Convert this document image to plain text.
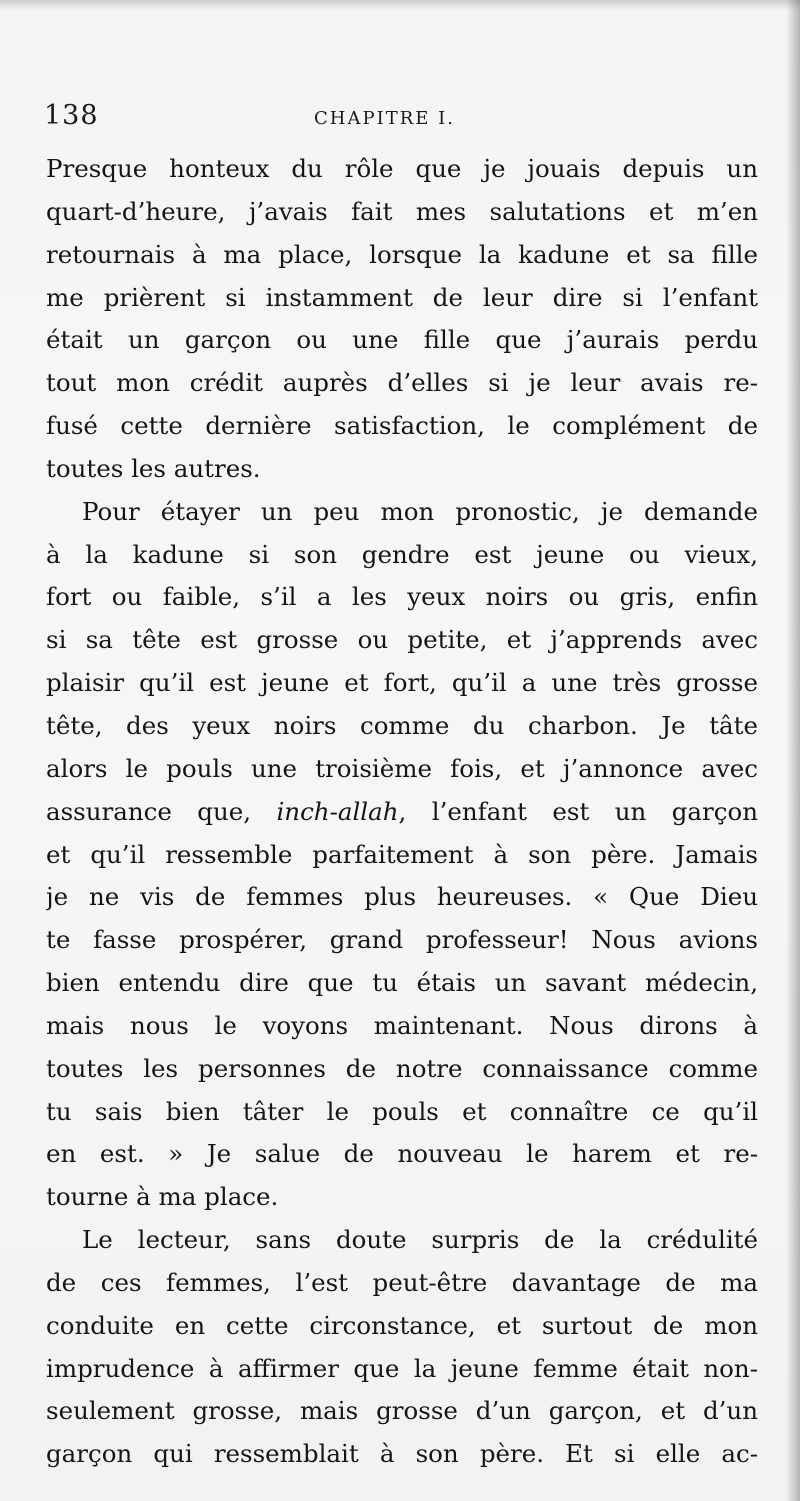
138	CHAPITRE I.
Presque honteux du rôle que je jouais depuis un
quart-d’heure, j’avais fait mes salutations et m’en
retournais à ma place, lorsque la kadune et sa fille
me prièrent si instamment de leur dire si l’enfant
était un garçon ou une fille que j’aurais perdu
tout mon crédit auprès d’elles si je leur avais re-
fusé cette dernière satisfaction, le complément de
toutes les autres.
Pour étayer un peu mon pronostic, je demande
à la kadune si son gendre est jeune ou vieux,
fort ou faible, s’il a les yeux noirs ou gris, enfin
si sa tête est grosse ou petite, et j’apprends avec
plaisir qu’il est jeune et fort, qu’il a une très grosse
tête, des yeux noirs comme du charbon. Je tâte
alors le pouls une troisième fois, et j’annonce avec
assurance que, inch-allah, l’enfant est un garçon
et qu’il ressemble parfaitement à son père. Jamais
je ne vis de femmes plus heureuses. « Que Dieu
te fasse prospérer, grand professeur! Nous avions
bien entendu dire que tu étais un savant médecin,
mais nous le voyons maintenant. Nous dirons à
toutes les personnes de notre connaissance comme
tu sais bien tâter le pouls et connaître ce qu’il
en est. » Je salue de nouveau le harem et re-
tourne à ma place.
Le lecteur, sans doute surpris de la crédulité
de ces femmes, l’est peut-être davantage de ma
conduite en cette circonstance, et surtout de mon
imprudence à affirmer que la jeune femme était non-
seulement grosse, mais grosse d’un garçon, et d’un
garçon qui ressemblait à son père. Et si elle ac-
